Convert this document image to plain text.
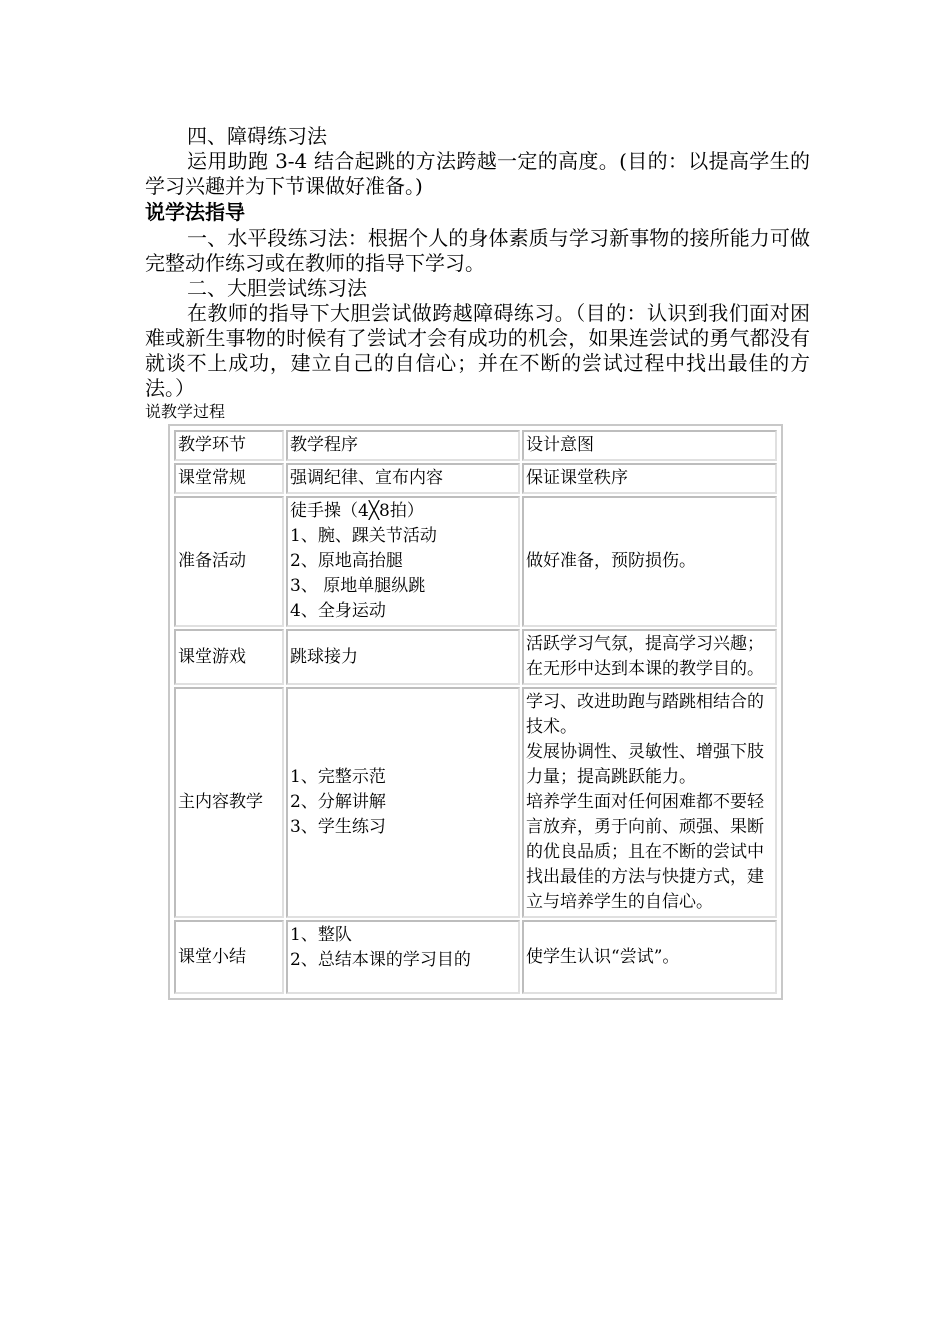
四、障碍练习法

运用助跑 3-4 结合起跳的方法跨越一定的高度。(目的：以提高学生的学习兴趣并为下节课做好准备。)

说学法指导

一、水平段练习法：根据个人的身体素质与学习新事物的接所能力可做完整动作练习或在教师的指导下学习。

二、大胆尝试练习法

在教师的指导下大胆尝试做跨越障碍练习。（目的：认识到我们面对困难或新生事物的时候有了尝试才会有成功的机会，如果连尝试的勇气都没有就谈不上成功，建立自己的自信心；并在不断的尝试过程中找出最佳的方法。）

说教学过程

教学环节	教学程序	设计意图
课堂常规	强调纪律、宣布内容	保证课堂秩序
准备活动	徒手操（4╳8拍）
1、腕、踝关节活动
2、原地高抬腿
3、 原地单腿纵跳
4、全身运动	做好准备，预防损伤。
课堂游戏	跳球接力	活跃学习气氛，提高学习兴趣；在无形中达到本课的教学目的。
主内容教学	1、完整示范
2、分解讲解
3、学生练习	学习、改进助跑与踏跳相结合的技术。
发展协调性、灵敏性、增强下肢力量；提高跳跃能力。
培养学生面对任何困难都不要轻言放弃，勇于向前、顽强、果断的优良品质；且在不断的尝试中找出最佳的方法与快捷方式，建立与培养学生的自信心。
课堂小结	1、整队
2、总结本课的学习目的	使学生认识“尝试”。
